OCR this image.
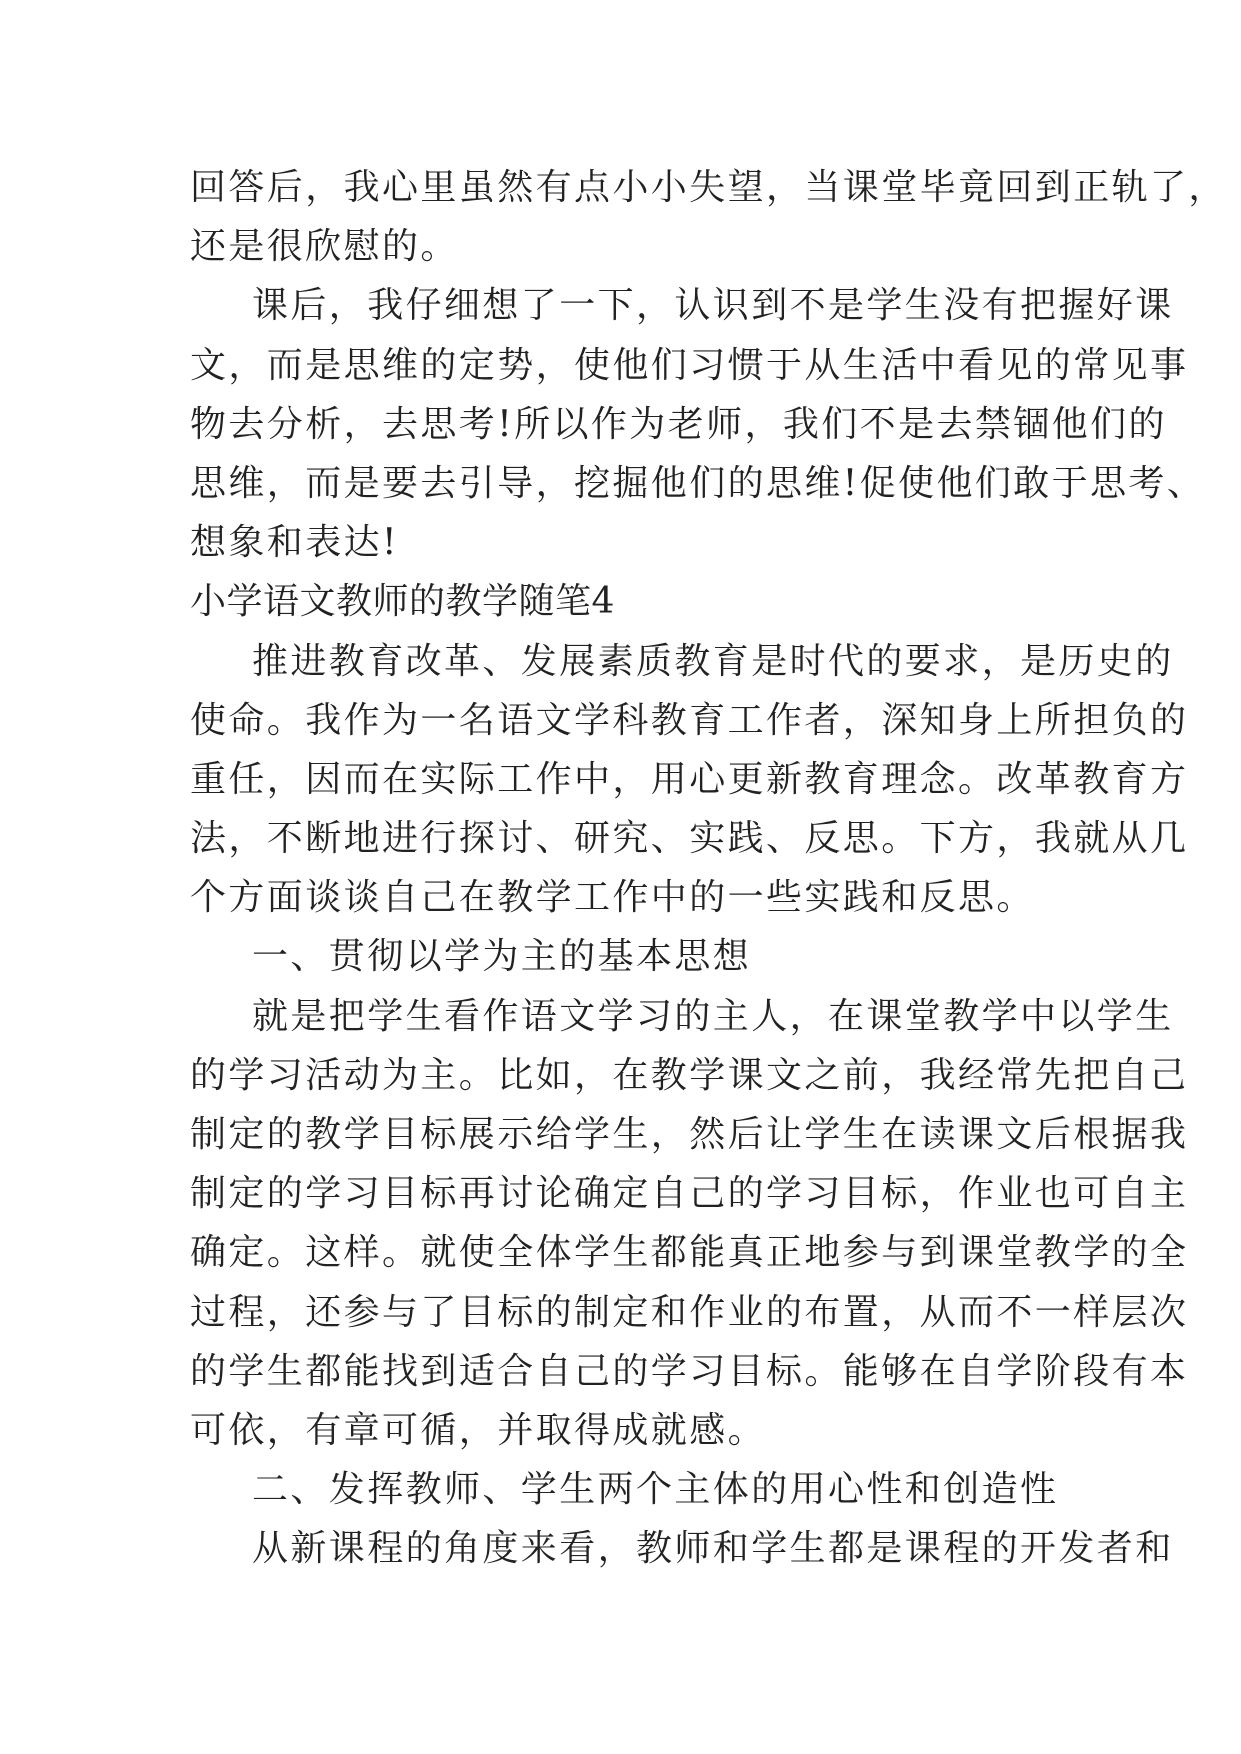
回答后，我心里虽然有点小小失望，当课堂毕竟回到正轨了，
还是很欣慰的。
课后，我仔细想了一下，认识到不是学生没有把握好课
文，而是思维的定势，使他们习惯于从生活中看见的常见事
物去分析，去思考!所以作为老师，我们不是去禁锢他们的
思维，而是要去引导，挖掘他们的思维!促使他们敢于思考、
想象和表达!
小学语文教师的教学随笔4
推进教育改革、发展素质教育是时代的要求，是历史的
使命。我作为一名语文学科教育工作者，深知身上所担负的
重任，因而在实际工作中，用心更新教育理念。改革教育方
法，不断地进行探讨、研究、实践、反思。下方，我就从几
个方面谈谈自己在教学工作中的一些实践和反思。
一、贯彻以学为主的基本思想
就是把学生看作语文学习的主人，在课堂教学中以学生
的学习活动为主。比如，在教学课文之前，我经常先把自己
制定的教学目标展示给学生，然后让学生在读课文后根据我
制定的学习目标再讨论确定自己的学习目标，作业也可自主
确定。这样。就使全体学生都能真正地参与到课堂教学的全
过程，还参与了目标的制定和作业的布置，从而不一样层次
的学生都能找到适合自己的学习目标。能够在自学阶段有本
可依，有章可循，并取得成就感。
二、发挥教师、学生两个主体的用心性和创造性
从新课程的角度来看，教师和学生都是课程的开发者和
